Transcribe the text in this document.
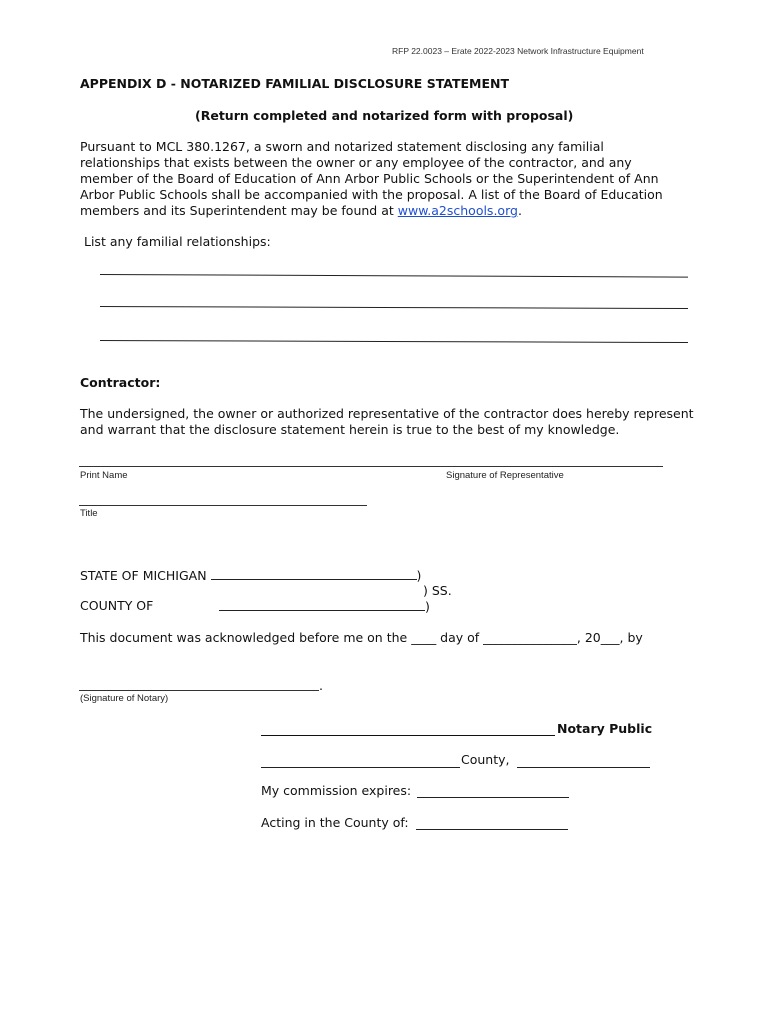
RFP 22.0023 – Erate 2022-2023 Network Infrastructure Equipment
APPENDIX D - NOTARIZED FAMILIAL DISCLOSURE STATEMENT
(Return completed and notarized form with proposal)
Pursuant to MCL 380.1267, a sworn and notarized statement disclosing any familial relationships that exists between the owner or any employee of the contractor, and any member of the Board of Education of Ann Arbor Public Schools or the Superintendent of Ann Arbor Public Schools shall be accompanied with the proposal. A list of the Board of Education members and its Superintendent may be found at www.a2schools.org.
List any familial relationships:
Contractor:
The undersigned, the owner or authorized representative of the contractor does hereby represent and warrant that the disclosure statement herein is true to the best of my knowledge.
Print Name	Signature of Representative
Title
STATE OF MICHIGAN	)
) SS.
COUNTY OF	)
This document was acknowledged before me on the ____ day of _______________, 20___, by
.
(Signature of Notary)
Notary Public
County,
My commission expires:
Acting in the County of:
